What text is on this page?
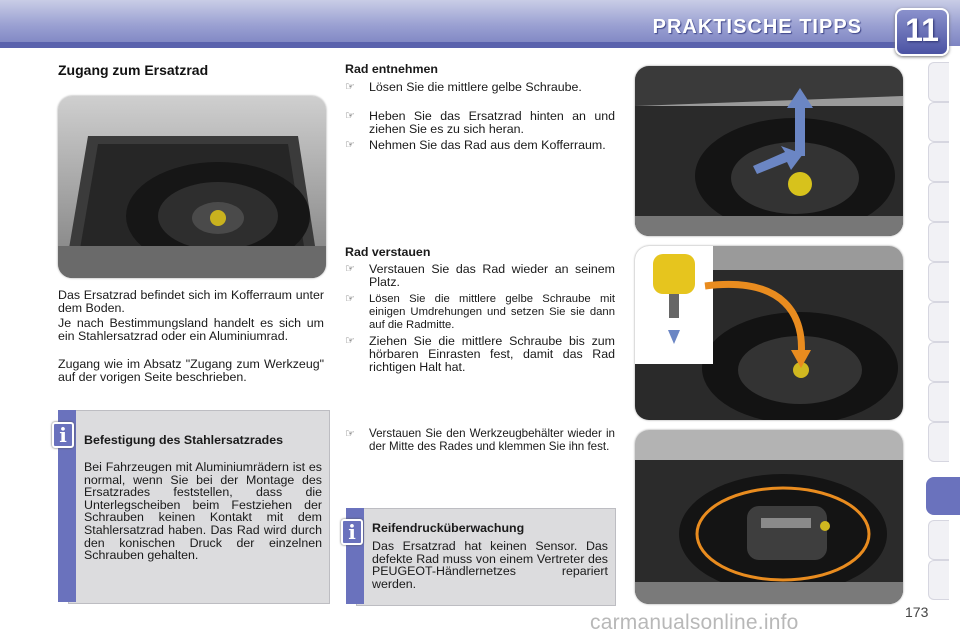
PRAKTISCHE TIPPS	11
Zugang zum Ersatzrad
Das Ersatzrad befindet sich im Kofferraum unter dem Boden.
Je nach Bestimmungsland handelt es sich um ein Stahlersatzrad oder ein Aluminiumrad.
Zugang wie im Absatz "Zugang zum Werkzeug" auf der vorigen Seite beschrieben.
i	Befestigung des Stahlersatzrades
Bei Fahrzeugen mit Aluminiumrädern ist es normal, wenn Sie bei der Montage des Ersatzrades feststellen, dass die Unterlegscheiben beim Festziehen der Schrauben keinen Kontakt mit dem Stahlersatzrad haben. Das Rad wird durch den konischen Druck der einzelnen Schrauben gehalten.
Rad entnehmen
☞ Lösen Sie die mittlere gelbe Schraube.
☞ Heben Sie das Ersatzrad hinten an und ziehen Sie es zu sich heran.
☞ Nehmen Sie das Rad aus dem Kofferraum.
Rad verstauen
☞ Verstauen Sie das Rad wieder an seinem Platz.
☞ Lösen Sie die mittlere gelbe Schraube mit einigen Umdrehungen und setzen Sie sie dann auf die Radmitte.
☞ Ziehen Sie die mittlere Schraube bis zum hörbaren Einrasten fest, damit das Rad richtigen Halt hat.
☞ Verstauen Sie den Werkzeugbehälter wieder in der Mitte des Rades und klemmen Sie ihn fest.
i	Reifendrucküberwachung
Das Ersatzrad hat keinen Sensor. Das defekte Rad muss von einem Vertreter des PEUGEOT-Händlernetzes repariert werden.
carmanualsonline.info	173
